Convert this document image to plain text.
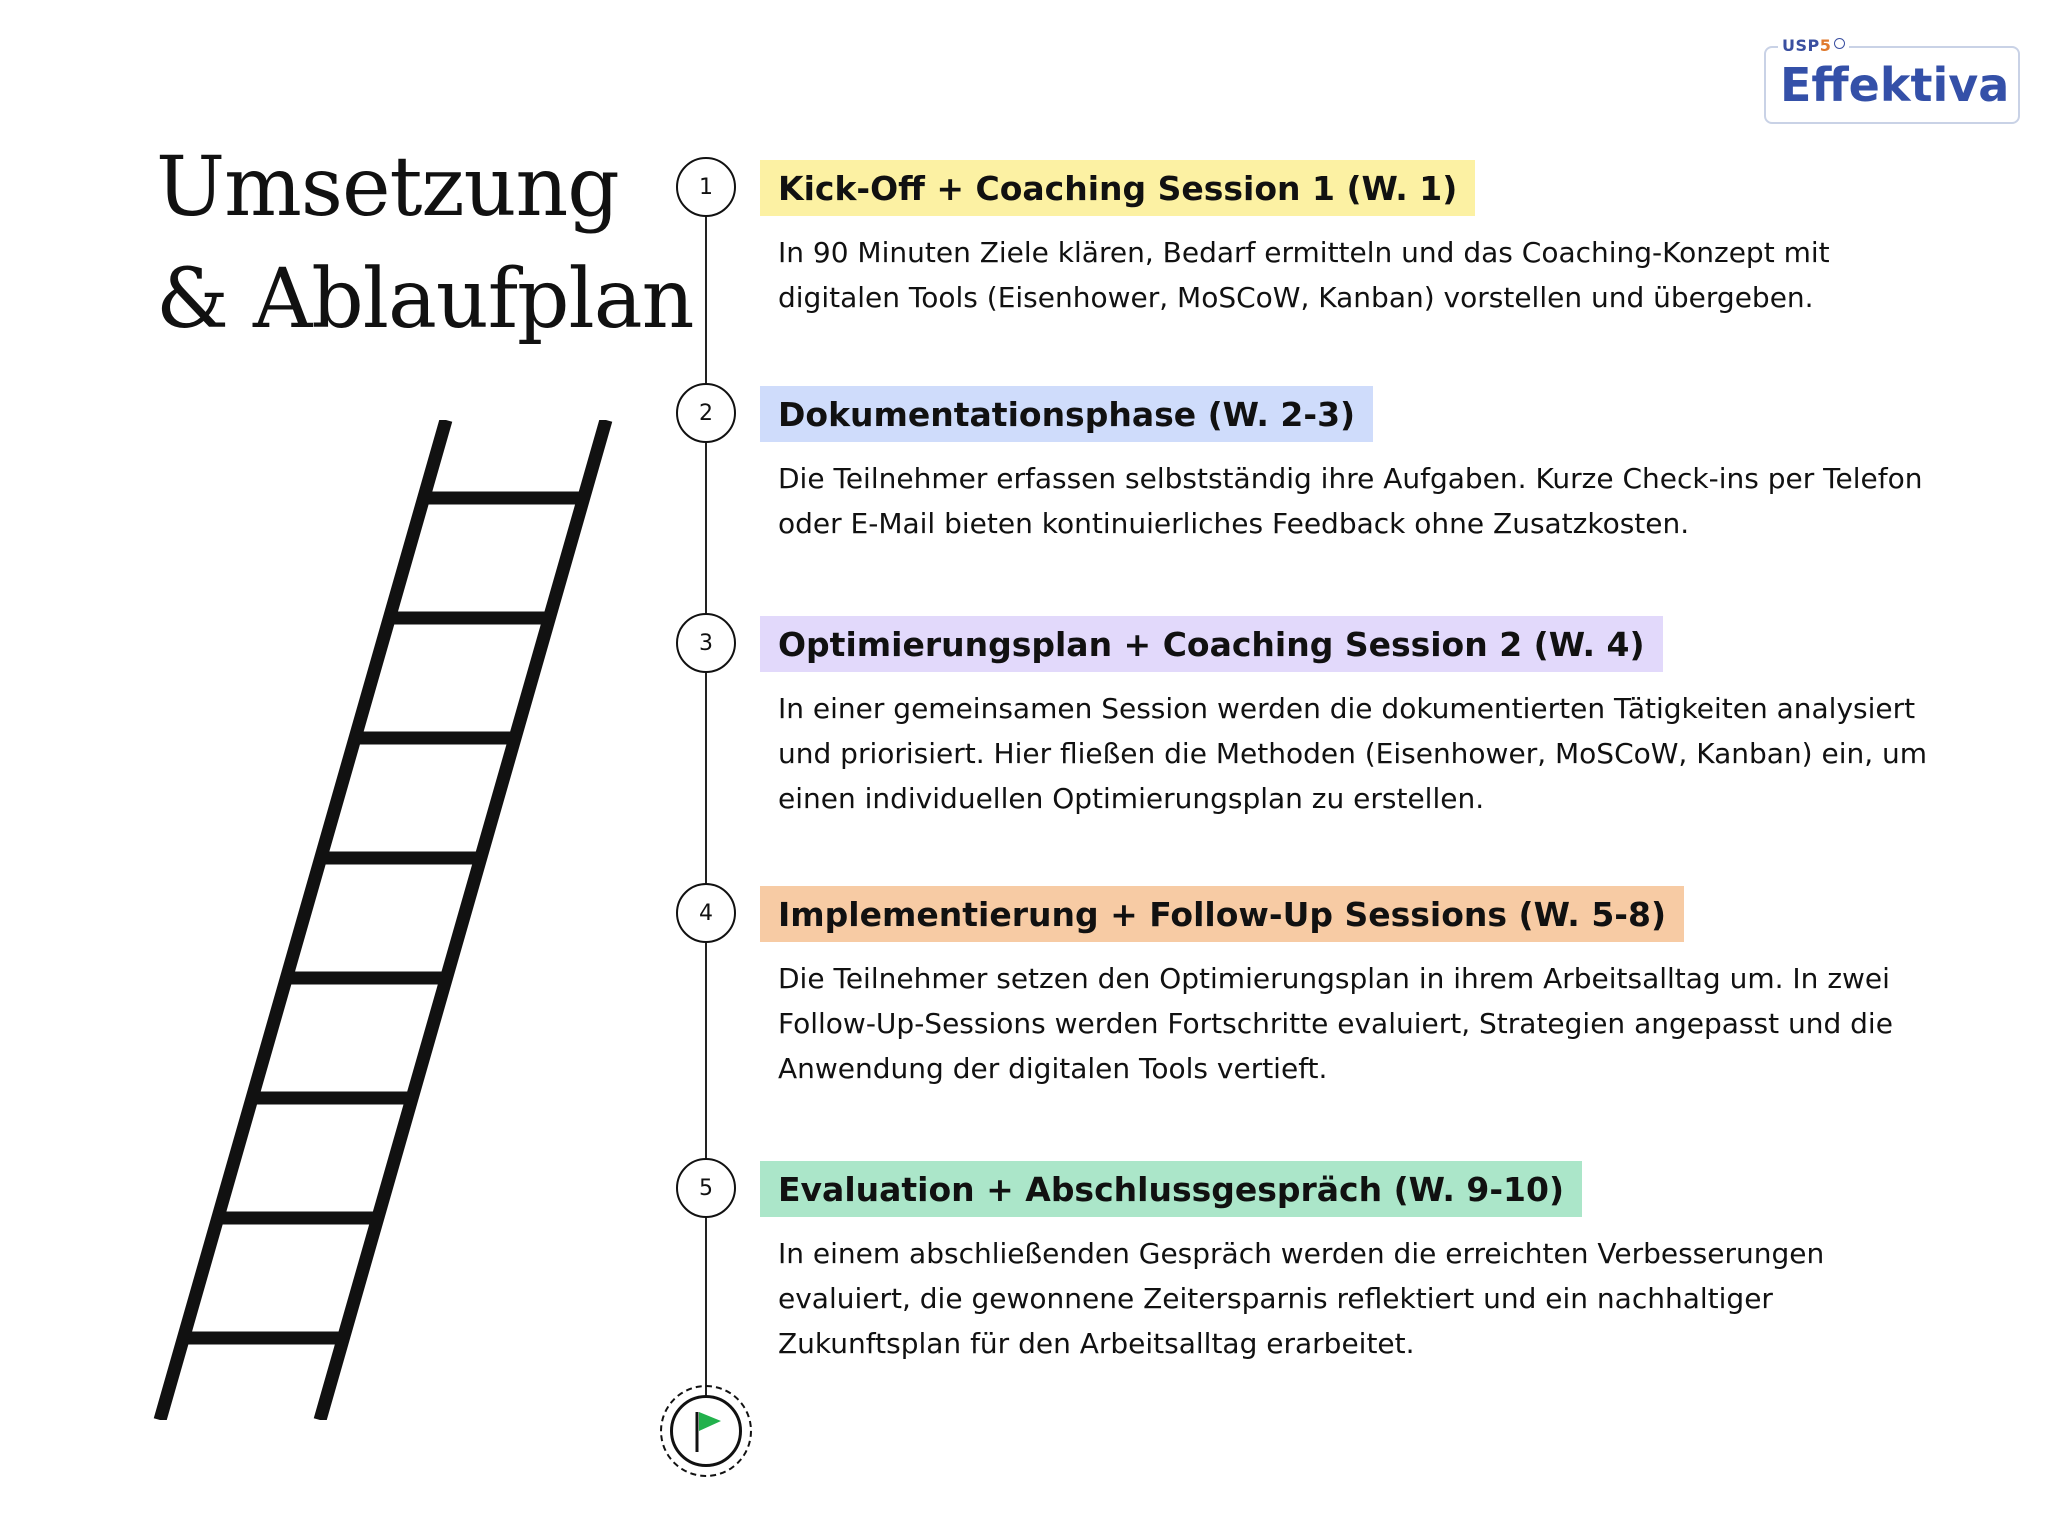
Umsetzung
& Ablaufplan
USP5
Effektiva
1	Kick-Off + Coaching Session 1 (W. 1)

In 90 Minuten Ziele klären, Bedarf ermitteln und das Coaching-Konzept mit digitalen Tools (Eisenhower, MoSCoW, Kanban) vorstellen und übergeben.

2	Dokumentationsphase (W. 2-3)

Die Teilnehmer erfassen selbstständig ihre Aufgaben. Kurze Check-ins per Telefon oder E-Mail bieten kontinuierliches Feedback ohne Zusatzkosten.

3	Optimierungsplan + Coaching Session 2 (W. 4)

In einer gemeinsamen Session werden die dokumentierten Tätigkeiten analysiert und priorisiert. Hier fließen die Methoden (Eisenhower, MoSCoW, Kanban) ein, um einen individuellen Optimierungsplan zu erstellen.

4	Implementierung + Follow-Up Sessions (W. 5-8)

Die Teilnehmer setzen den Optimierungsplan in ihrem Arbeitsalltag um. In zwei Follow-Up-Sessions werden Fortschritte evaluiert, Strategien angepasst und die Anwendung der digitalen Tools vertieft.

5	Evaluation + Abschlussgespräch (W. 9-10)

In einem abschließenden Gespräch werden die erreichten Verbesserungen evaluiert, die gewonnene Zeitersparnis reflektiert und ein nachhaltiger Zukunftsplan für den Arbeitsalltag erarbeitet.
